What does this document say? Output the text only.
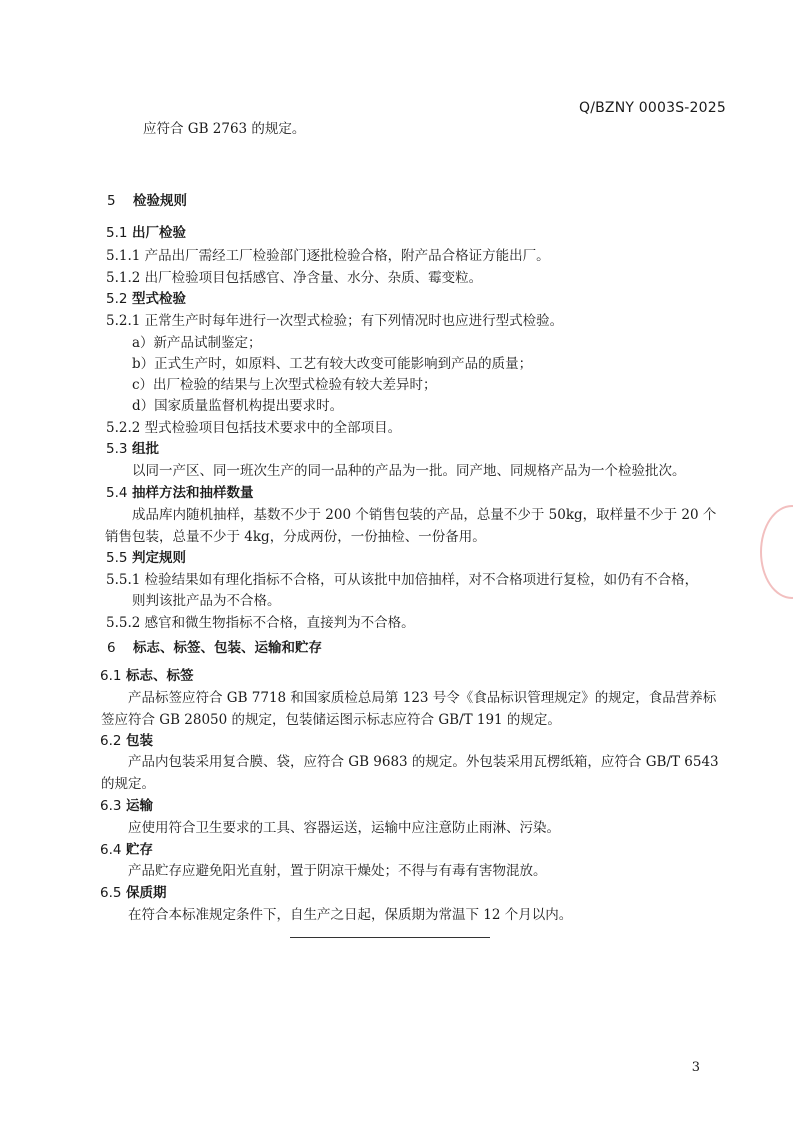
Q/BZNY 0003S-2025
应符合 GB 2763 的规定。
5 检验规则
5.1 出厂检验
5.1.1 产品出厂需经工厂检验部门逐批检验合格，附产品合格证方能出厂。
5.1.2 出厂检验项目包括感官、净含量、水分、杂质、霉变粒。
5.2 型式检验
5.2.1 正常生产时每年进行一次型式检验；有下列情况时也应进行型式检验。
a）新产品试制鉴定；
b）正式生产时，如原料、工艺有较大改变可能影响到产品的质量；
c）出厂检验的结果与上次型式检验有较大差异时；
d）国家质量监督机构提出要求时。
5.2.2 型式检验项目包括技术要求中的全部项目。
5.3 组批
以同一产区、同一班次生产的同一品种的产品为一批。同产地、同规格产品为一个检验批次。
5.4 抽样方法和抽样数量
成品库内随机抽样，基数不少于 200 个销售包装的产品，总量不少于 50kg，取样量不少于 20 个
销售包装，总量不少于 4kg，分成两份，一份抽检、一份备用。
5.5 判定规则
5.5.1 检验结果如有理化指标不合格，可从该批中加倍抽样，对不合格项进行复检，如仍有不合格，
则判该批产品为不合格。
5.5.2 感官和微生物指标不合格，直接判为不合格。
6 标志、标签、包装、运输和贮存
6.1 标志、标签
产品标签应符合 GB 7718 和国家质检总局第 123 号令《食品标识管理规定》的规定，食品营养标
签应符合 GB 28050 的规定，包装储运图示标志应符合 GB/T 191 的规定。
6.2 包装
产品内包装采用复合膜、袋，应符合 GB 9683 的规定。外包装采用瓦楞纸箱，应符合 GB/T 6543
的规定。
6.3 运输
应使用符合卫生要求的工具、容器运送，运输中应注意防止雨淋、污染。
6.4 贮存
产品贮存应避免阳光直射，置于阴凉干燥处；不得与有毒有害物混放。
6.5 保质期
在符合本标准规定条件下，自生产之日起，保质期为常温下 12 个月以内。
3
